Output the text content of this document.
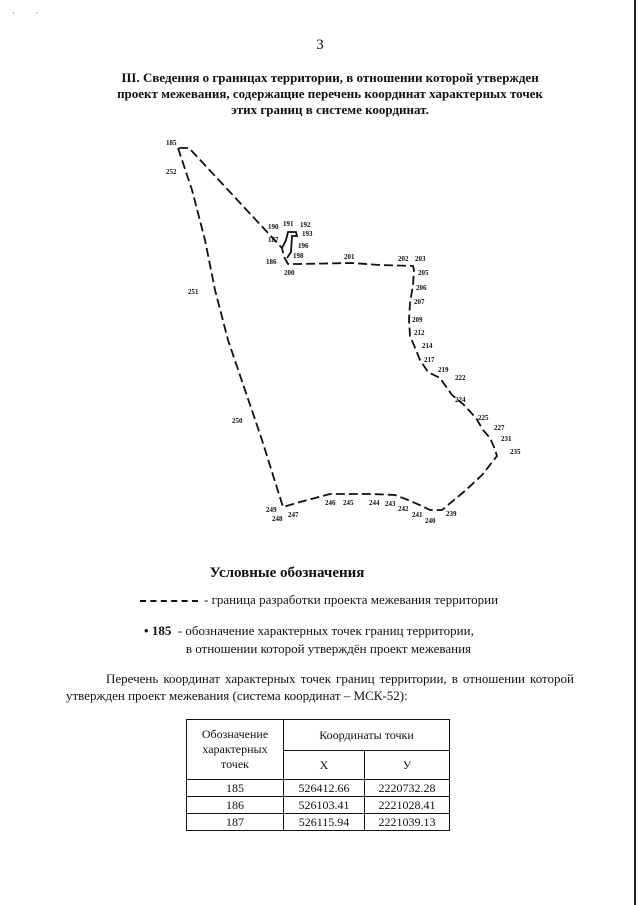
·         ·
3
III. Сведения о границах территории, в отношении которой утвержден
проект межевания, содержащие перечень координат характерных точек
этих границ в системе координат.
185
252
190 191 192
193
187
196
198
186
200
201	202 203
205
206
207
209
212
214
217
219
222
224
225
227
231
235
251
250
249
248 247
246 245 244 243
242
241
240
239
Условные обозначения
- граница разработки проекта межевания территории
• 185 - обозначение характерных точек границ территории,
в отношении которой утверждён проект межевания
Перечень координат характерных точек границ территории, в отношении которой утвержден проект межевания (система координат – МСК-52):
Обозначение
характерных
точек	Координаты точки	
	X	У
185	526412.66	2220732.28
186	526103.41	2221028.41
187	526115.94	2221039.13
